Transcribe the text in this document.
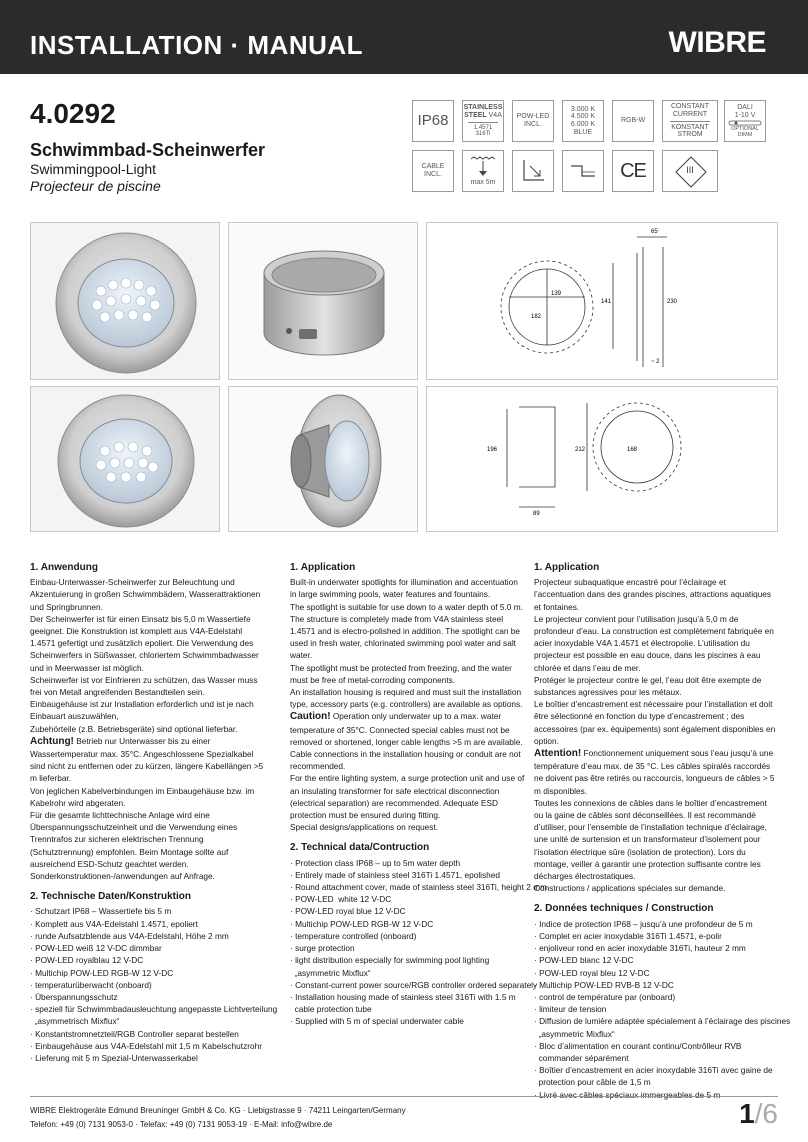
INSTALLATION · MANUAL	WIBRE
4.0292
Schwimmbad-Scheinwerfer
Swimmingpool-Light
Projecteur de piscine
IP68
STAINLESS
STEEL V4A
1.4571
316Ti
POW-LED
INCL.
3.000 K
4.500 K
6.000 K
BLUE
RGB-W
CONSTANT
CURRENT
KONSTANT
STROM
DALI
1-10 V
OPTIONAL
DIMM
CABLE
INCL.
max 5m
CE	III
65
139
182
141	230
~ 2
196	212	168
89
1. Anwendung

Einbau-Unterwasser-Scheinwerfer zur Beleuchtung und Akzentuierung in großen Schwimmbädern, Wasserattraktionen und Springbrunnen.

Der Scheinwerfer ist für einen Einsatz bis 5,0 m Wassertiefe geeignet. Die Konstruktion ist komplett aus V4A-Edelstahl 1.4571 gefertigt und zusätzlich epoliert. Die Verwendung des Scheinwerfers in Süßwasser, chloriertem Schwimmbadwasser und in Meerwasser ist möglich.

Scheinwerfer ist vor Einfrieren zu schützen, das Wasser muss frei von Metall angreifenden Bestandteilen sein.

Einbaugehäuse ist zur Installation erforderlich und ist je nach Einbauart auszuwählen,

Zubehörteile (z.B. Betriebsgeräte) sind optional lieferbar.

Achtung! Betrieb nur Unterwasser bis zu einer Wassertemperatur max. 35°C. Angeschlossene Spezialkabel sind nicht zu entfernen oder zu kürzen, längere Kabellängen >5 m lieferbar.

Von jeglichen Kabelverbindungen im Einbaugehäuse bzw. im Kabelrohr wird abgeraten.

Für die gesamte lichttechnische Anlage wird eine Überspannungsschutzeinheit und die Verwendung eines Trenntrafos zur sicheren elektrischen Trennung (Schutztrennung) empfohlen. Beim Montage sollte auf ausreichend ESD-Schutz geachtet werden.

Sonderkonstruktionen-/anwendungen auf Anfrage.

2. Technische Daten/Konstruktion
· Schutzart IP68 – Wassertiefe bis 5 m
· Komplett aus V4A-Edelstahl 1.4571, epoliert
· runde Aufsatzblende aus V4A-Edelstahl, Höhe 2 mm
· POW-LED weiß 12 V-DC dimmbar
· POW-LED royalblau 12 V-DC
· Multichip POW-LED RGB-W 12 V-DC
· temperaturüberwacht (onboard)
· Überspannungsschutz
· speziell für Schwimmbadausleuchtung angepasste Lichtverteilung
„asymmetrisch Mixflux“
· Konstantstromnetzteil/RGB Controller separat bestellen
· Einbaugehäuse aus V4A-Edelstahl mit 1,5 m Kabelschutzrohr
· Lieferung mit 5 m Spezial-Unterwasserkabel
1. Application

Built-in underwater spotlights for illumination and accentuation in large swimming pools, water features and fountains.

The spotlight is suitable for use down to a water depth of 5.0 m. The structure is completely made from V4A stainless steel 1.4571 and is electro-polished in addition. The spotlight can be used in fresh water, chlorinated swimming pool water and salt water.

The spotlight must be protected from freezing, and the water must be free of metal-corroding components.

An installation housing is required and must suit the installation type, accessory parts (e.g. controllers) are available as options.

Caution! Operation only underwater up to a max. water temperature of 35°C. Connected special cables must not be removed or shortened, longer cable lengths >5 m are available.

Cable connections in the installation housing or conduit are not recommended.

For the entire lighting system, a surge protection unit and use of an insulating transformer for safe electrical disconnection (electrical separation) are recommended. Adequate ESD protection must be ensured during fitting.

Special designs/applications on request.

2. Technical data/Contruction
· Protection class IP68 – up to 5m water depth
· Entirely made of stainless steel 316Ti 1.4571, epolished
· Round attachment cover, made of stainless steel 316Ti, height 2 mm
· POW-LED  white 12 V-DC
· POW-LED royal blue 12 V-DC
· Multichip POW-LED RGB-W 12 V-DC
· temperature controlled (onboard)
· surge protection
· light distribution especially for swimming pool lighting
„asymmetric Mixflux“
· Constant-current power source/RGB controller ordered separately
· Installation housing made of stainless steel 316Ti with 1.5 m
cable protection tube
· Supplied with 5 m of special underwater cable
1. Application

Projecteur subaquatique encastré pour l’éclairage et l’accentuation dans des grandes piscines, attractions aquatiques et fontaines.

Le projecteur convient pour l’utilisation jusqu’à 5,0 m de profondeur d’eau. La construction est complètement fabriquée en acier inoxydable V4A 1.4571 et électropolie. L’utilisation du projecteur est possible en eau douce, dans les piscines à eau chlorée et dans l’eau de mer.

Protéger le projecteur contre le gel, l’eau doit être exempte de substances agressives pour les métaux.

Le boîtier d’encastrement est nécessaire pour l’installation et doit être sélectionné en fonction du type d’encastrement ; des accessoires (par ex. équipements) sont également disponibles en option.

Attention! Fonctionnement uniquement sous l’eau jusqu’à une température d’eau max. de 35 °C. Les câbles spiralés raccordés ne doivent pas être retirés ou raccourcis, longueurs de câbles > 5 m disponibles.

Toutes les connexions de câbles dans le boîtier d’encastrement ou la gaine de câbles sont déconseillées. Il est recommandé d’utiliser, pour l’ensemble de l’installation technique d’éclairage, une unité de surtension et un transformateur d’isolement pour l’isolation électrique sûre (isolation de protection). Lors du montage, veiller à garantir une protection suffisante contre les décharges électrostatiques.

Constructions / applications spéciales sur demande.

2. Données techniques / Construction
· Indice de protection IP68 – jusqu’à une profondeur de 5 m
· Complet en acier inoxydable 316Ti 1.4571, e-polir
· enjoliveur rond en acier inoxydable 316Ti, hauteur 2 mm
· POW-LED blanc 12 V-DC
· POW-LED royal bleu 12 V-DC
· Multichip POW-LED RVB-B 12 V-DC
· control de température par (onboard)
· limiteur de tension
· Diffusion de lumière adaptée spécialement à l’éclairage des piscines
„asymmetric Mixflux“
· Bloc d’alimentation en courant continu/Contrôlleur RVB
commander séparément
· Boîtier d’encastrement en acier inoxydable 316Ti avec gaine de
protection pour câble de 1,5 m
· Livré avec câbles spéciaux immergeables de 5 m
WIBRE Elektrogeräte Edmund Breuninger GmbH & Co. KG · Liebigstrasse 9 · 74211 Leingarten/Germany
Telefon: +49 (0) 7131 9053-0 · Telefax: +49 (0) 7131 9053-19 · E-Mail: info@wibre.de	1/6
